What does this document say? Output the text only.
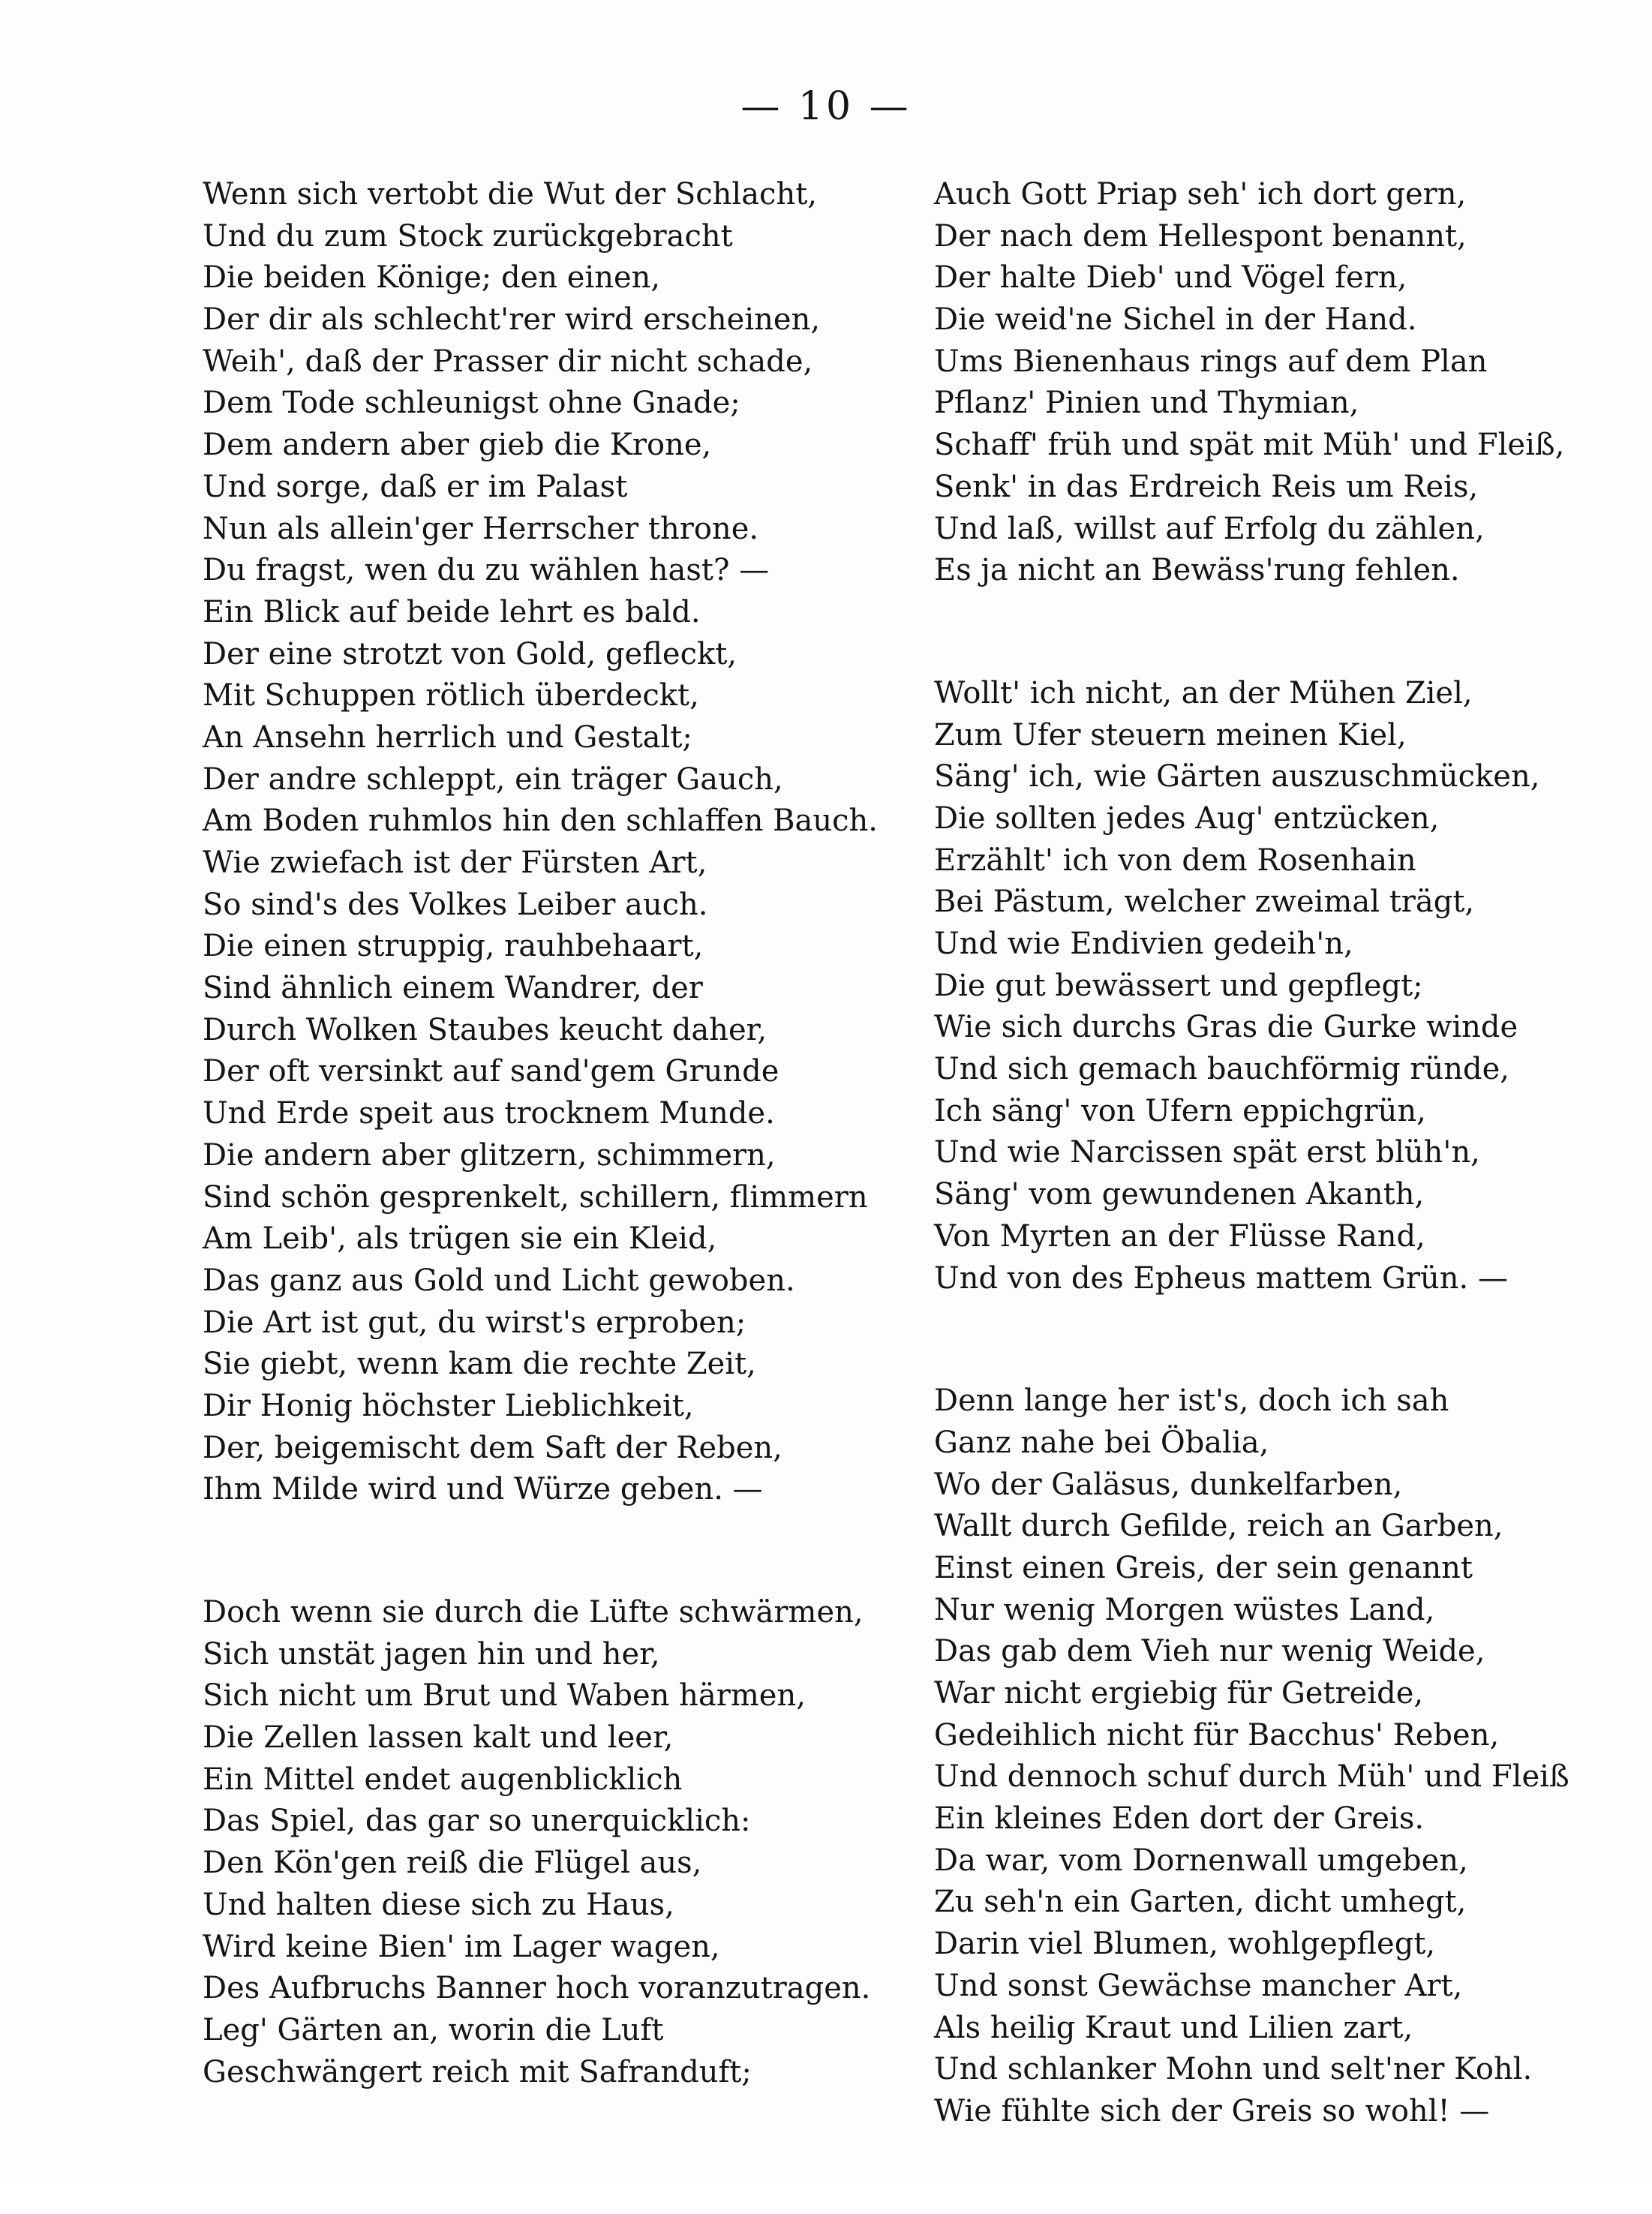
— 10 —
Wenn sich vertobt die Wut der Schlacht,
Und du zum Stock zurückgebracht
Die beiden Könige; den einen,
Der dir als schlecht'rer wird erscheinen,
Weih', daß der Prasser dir nicht schade,
Dem Tode schleunigst ohne Gnade;
Dem andern aber gieb die Krone,
Und sorge, daß er im Palast
Nun als allein'ger Herrscher throne.
Du fragst, wen du zu wählen hast? —
Ein Blick auf beide lehrt es bald.
Der eine strotzt von Gold, gefleckt,
Mit Schuppen rötlich überdeckt,
An Ansehn herrlich und Gestalt;
Der andre schleppt, ein träger Gauch,
Am Boden ruhmlos hin den schlaffen Bauch.
Wie zwiefach ist der Fürsten Art,
So sind's des Volkes Leiber auch.
Die einen struppig, rauhbehaart,
Sind ähnlich einem Wandrer, der
Durch Wolken Staubes keucht daher,
Der oft versinkt auf sand'gem Grunde
Und Erde speit aus trocknem Munde.
Die andern aber glitzern, schimmern,
Sind schön gesprenkelt, schillern, flimmern
Am Leib', als trügen sie ein Kleid,
Das ganz aus Gold und Licht gewoben.
Die Art ist gut, du wirst's erproben;
Sie giebt, wenn kam die rechte Zeit,
Dir Honig höchster Lieblichkeit,
Der, beigemischt dem Saft der Reben,
Ihm Milde wird und Würze geben. —
Doch wenn sie durch die Lüfte schwärmen,
Sich unstät jagen hin und her,
Sich nicht um Brut und Waben härmen,
Die Zellen lassen kalt und leer,
Ein Mittel endet augenblicklich
Das Spiel, das gar so unerquicklich:
Den Kön'gen reiß die Flügel aus,
Und halten diese sich zu Haus,
Wird keine Bien' im Lager wagen,
Des Aufbruchs Banner hoch voranzutragen.
Leg' Gärten an, worin die Luft
Geschwängert reich mit Safranduft;
Auch Gott Priap seh' ich dort gern,
Der nach dem Hellespont benannt,
Der halte Dieb' und Vögel fern,
Die weid'ne Sichel in der Hand.
Ums Bienenhaus rings auf dem Plan
Pflanz' Pinien und Thymian,
Schaff' früh und spät mit Müh' und Fleiß,
Senk' in das Erdreich Reis um Reis,
Und laß, willst auf Erfolg du zählen,
Es ja nicht an Bewäss'rung fehlen.
Wollt' ich nicht, an der Mühen Ziel,
Zum Ufer steuern meinen Kiel,
Säng' ich, wie Gärten auszuschmücken,
Die sollten jedes Aug' entzücken,
Erzählt' ich von dem Rosenhain
Bei Pästum, welcher zweimal trägt,
Und wie Endivien gedeih'n,
Die gut bewässert und gepflegt;
Wie sich durchs Gras die Gurke winde
Und sich gemach bauchförmig ründe,
Ich säng' von Ufern eppichgrün,
Und wie Narcissen spät erst blüh'n,
Säng' vom gewundenen Akanth,
Von Myrten an der Flüsse Rand,
Und von des Epheus mattem Grün. —
Denn lange her ist's, doch ich sah
Ganz nahe bei Öbalia,
Wo der Galäsus, dunkelfarben,
Wallt durch Gefilde, reich an Garben,
Einst einen Greis, der sein genannt
Nur wenig Morgen wüstes Land,
Das gab dem Vieh nur wenig Weide,
War nicht ergiebig für Getreide,
Gedeihlich nicht für Bacchus' Reben,
Und dennoch schuf durch Müh' und Fleiß
Ein kleines Eden dort der Greis.
Da war, vom Dornenwall umgeben,
Zu seh'n ein Garten, dicht umhegt,
Darin viel Blumen, wohlgepflegt,
Und sonst Gewächse mancher Art,
Als heilig Kraut und Lilien zart,
Und schlanker Mohn und selt'ner Kohl.
Wie fühlte sich der Greis so wohl! —
